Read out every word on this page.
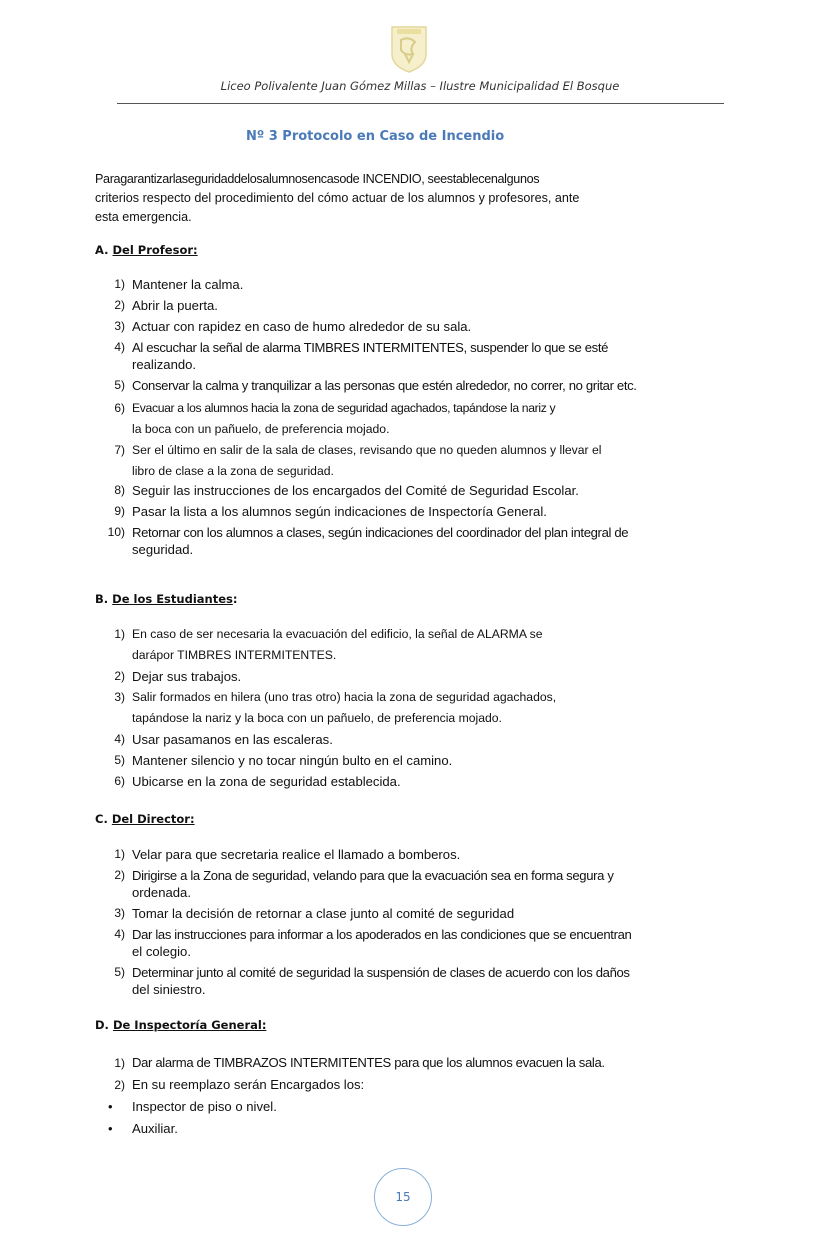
Liceo Polivalente Juan Gómez Millas – Ilustre Municipalidad El Bosque
Nº 3 Protocolo en Caso de Incendio
Paragarantizarlaseguridaddelosalumnosencasode INCENDIO, seestablecenalgunos
criterios respecto del procedimiento del cómo actuar de los alumnos y profesores, ante
esta emergencia.
A. Del Profesor:
1) Mantener la calma.
2) Abrir la puerta.
3) Actuar con rapidez en caso de humo alrededor de su sala.
4) Al escuchar la señal de alarma TIMBRES INTERMITENTES, suspender lo que se esté
realizando.
5) Conservar la calma y tranquilizar a las personas que estén alrededor, no correr, no gritar etc.
6) Evacuar a los alumnos hacia la zona de seguridad agachados, tapándose la nariz y
la boca con un pañuelo, de preferencia mojado.
7) Ser el último en salir de la sala de clases, revisando que no queden alumnos y llevar el
libro de clase a la zona de seguridad.
8) Seguir las instrucciones de los encargados del Comité de Seguridad Escolar.
9) Pasar la lista a los alumnos según indicaciones de Inspectoría General.
10) Retornar con los alumnos a clases, según indicaciones del coordinador del plan integral de
seguridad.
B. De los Estudiantes:
1) En caso de ser necesaria la evacuación del edificio, la señal de ALARMA se
darápor TIMBRES INTERMITENTES.
2) Dejar sus trabajos.
3) Salir formados en hilera (uno tras otro) hacia la zona de seguridad agachados,
tapándose la nariz y la boca con un pañuelo, de preferencia mojado.
4) Usar pasamanos en las escaleras.
5) Mantener silencio y no tocar ningún bulto en el camino.
6) Ubicarse en la zona de seguridad establecida.
C. Del Director:
1) Velar para que secretaria realice el llamado a bomberos.
2) Dirigirse a la Zona de seguridad, velando para que la evacuación sea en forma segura y
ordenada.
3) Tomar la decisión de retornar a clase junto al comité de seguridad
4) Dar las instrucciones para informar a los apoderados en las condiciones que se encuentran
el colegio.
5) Determinar junto al comité de seguridad la suspensión de clases de acuerdo con los daños
del siniestro.
D. De Inspectoría General:
1) Dar alarma de TIMBRAZOS INTERMITENTES para que los alumnos evacuen la sala.
2) En su reemplazo serán Encargados los:
•	Inspector de piso o nivel.
•	Auxiliar.
15
